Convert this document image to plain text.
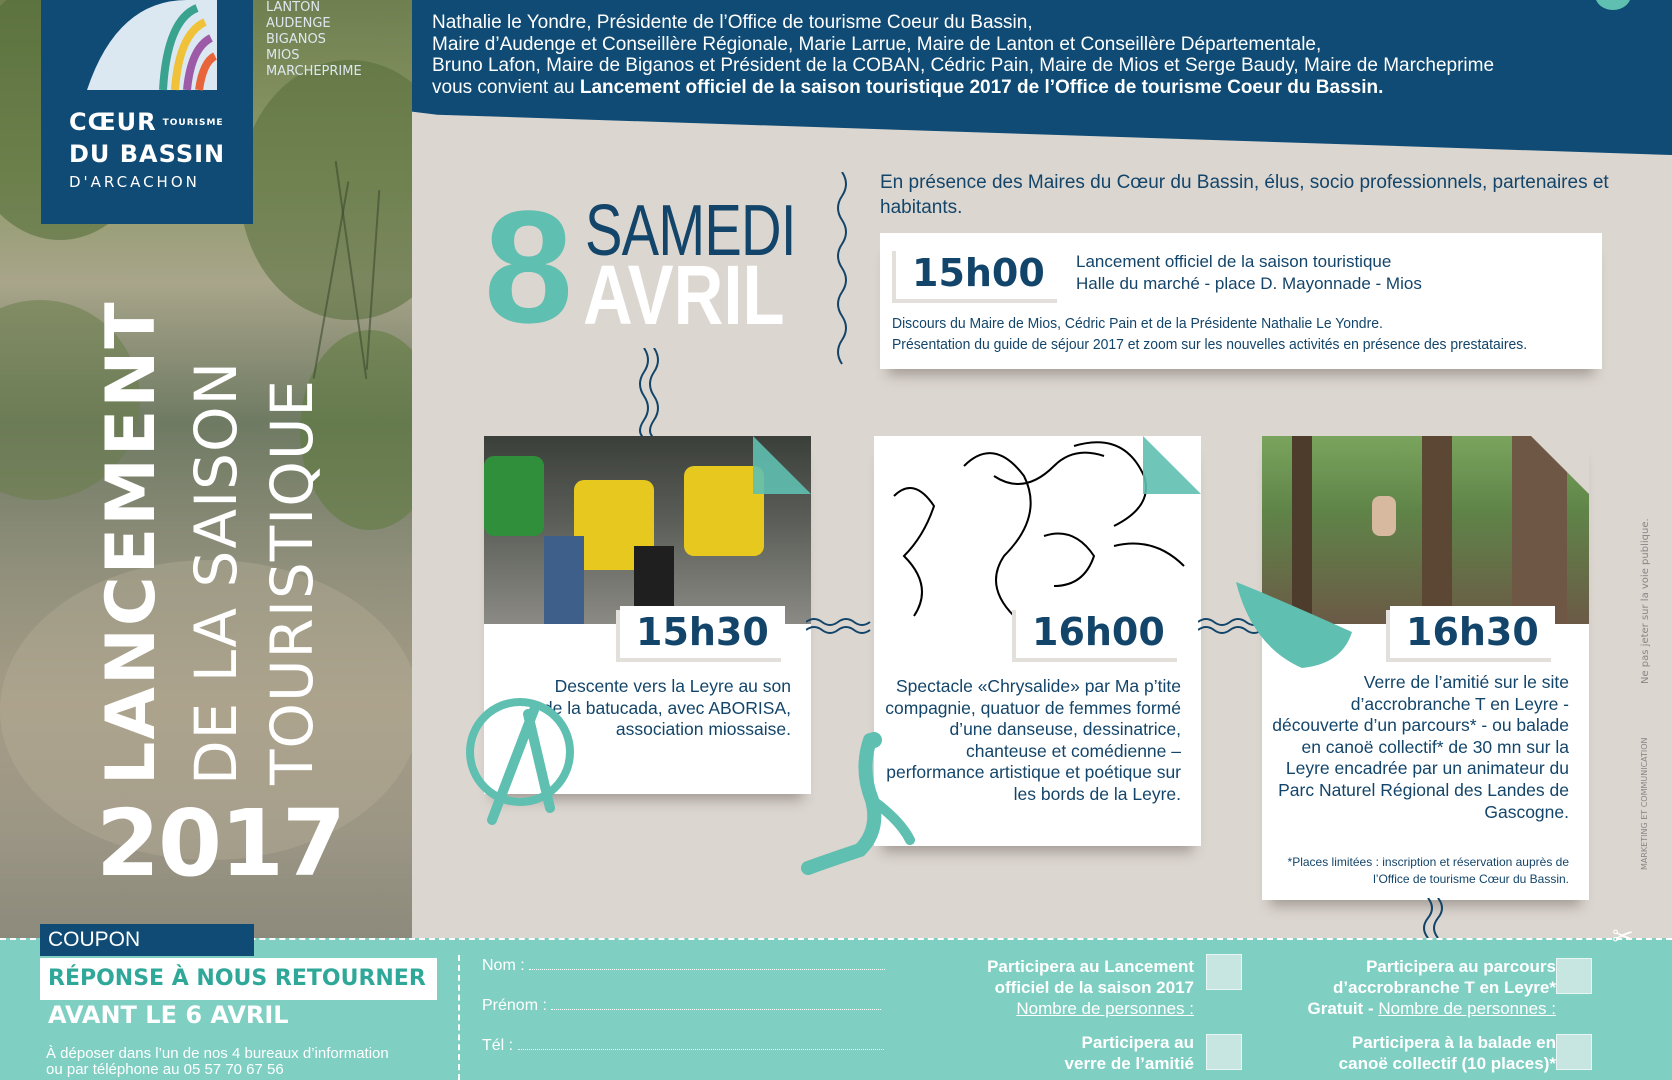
CŒUR TOURISME
DU BASSIN
D'ARCACHON
LANTON
AUDENGE
BIGANOS
MIOS
MARCHEPRIME
LANCEMENT DE LA SAISON TOURISTIQUE
2017
Nathalie le Yondre, Présidente de l’Office de tourisme Coeur du Bassin,
Maire d’Audenge et Conseillère Régionale, Marie Larrue, Maire de Lanton et Conseillère Départementale,
Bruno Lafon, Maire de Biganos et Président de la COBAN, Cédric Pain, Maire de Mios et Serge Baudy, Maire de Marcheprime
vous convient au Lancement officiel de la saison touristique 2017 de l’Office de tourisme Coeur du Bassin.
8 SAMEDI
AVRIL
En présence des Maires du Cœur du Bassin, élus, socio professionnels, partenaires et habitants.
15h00	Lancement officiel de la saison touristique
Halle du marché - place D. Mayonnade - Mios
Discours du Maire de Mios, Cédric Pain et de la Présidente Nathalie Le Yondre.
Présentation du guide de séjour 2017 et zoom sur les nouvelles activités en présence des prestataires.
15h30
Descente vers la Leyre au son de la batucada, avec ABORISA, association miossaise.
16h00
Spectacle «Chrysalide» par Ma p’tite compagnie, quatuor de femmes formé d’une danseuse, dessinatrice, chanteuse et comédienne – performance artistique et poétique sur les bords de la Leyre.
16h30
Verre de l’amitié sur le site d’accrobranche T en Leyre - découverte d’un parcours* - ou balade en canoë collectif* de 30 mn sur la Leyre encadrée par un animateur du Parc Naturel Régional des Landes de Gascogne.
*Places limitées : inscription et réservation auprès de l’Office de tourisme Cœur du Bassin.
Ne pas jeter sur la voie publique.
MARKETING ET COMMUNICATION
✂
COUPON
RÉPONSE À NOUS RETOURNER
AVANT LE 6 AVRIL
À déposer dans l’un de nos 4 bureaux d’information
ou par téléphone au 05 57 70 67 56
Nom :
Prénom :
Tél :
Participera au Lancement
officiel de la saison 2017
Nombre de personnes :
Participera au
verre de l’amitié
Participera au parcours
d’accrobranche T en Leyre*
Gratuit - Nombre de personnes :
Participera à la balade en
canoë collectif (10 places)*
